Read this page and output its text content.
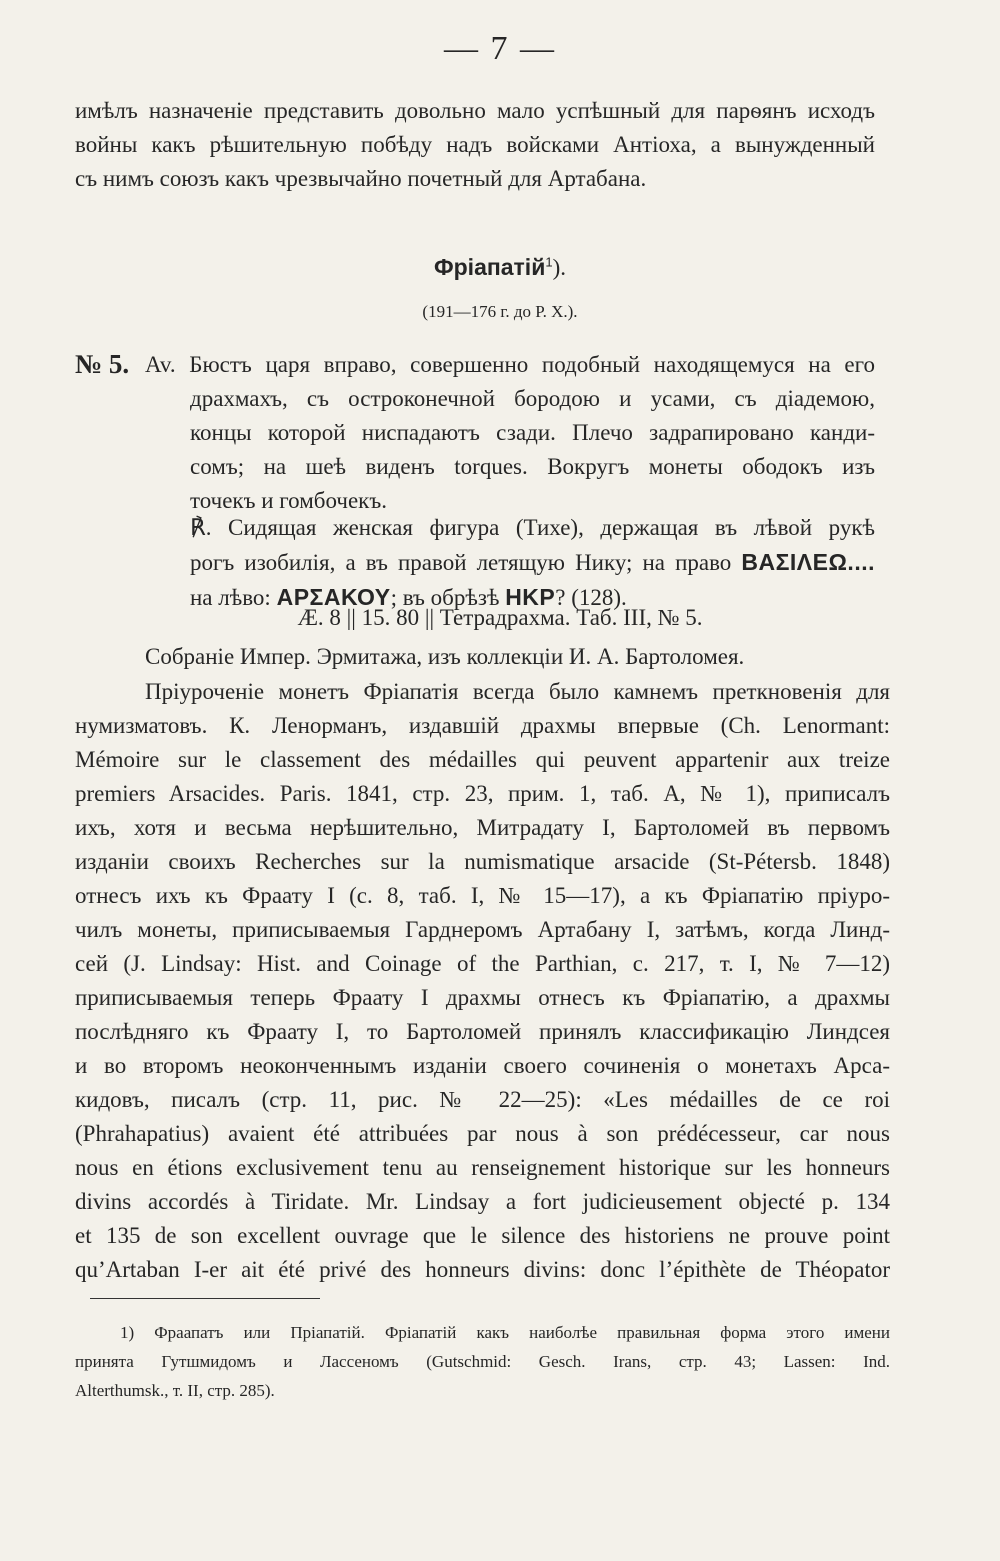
— 7 —

имѣлъ назначеніе представить довольно мало успѣшный для парѳянъ исходъ

войны какъ рѣшительную побѣду надъ войсками Антіоха, а вынужденный

съ нимъ союзъ какъ чрезвычайно почетный для Артабана.

Фріапатій$^1$).
(191—176 г. до Р. Х.).
№ 5. Av. Бюстъ царя вправо, совершенно подобный находящемуся на его

драхмахъ, съ остроконечной бородою и усами, съ діадемою,

концы которой ниспадаютъ сзади. Плечо задрапировано канди-

сомъ; на шеѣ виденъ torques. Вокругъ монеты ободокъ изъ

точекъ и гомбочекъ.

℟. Сидящая женская фигура (Тихе), держащая въ лѣвой рукѣ

рогъ изобилія, а въ правой летящую Нику; на право ΒΑΣΙΛΕΩ....

на лѣво: ΑΡΣΑΚΟΥ; въ обрѣзѣ ΗΚΡ? (128).

Æ. 8 || 15. 80 || Тетрадрахма. Таб. III, № 5.

Собраніе Импер. Эрмитажа, изъ коллекціи И. А. Бартоломея.

Пріуроченіе монетъ Фріапатія всегда было камнемъ преткновенія для

нумизматовъ. К. Ленорманъ, издавшій драхмы впервые (Ch. Lenormant:

Mémoire sur le classement des médailles qui peuvent appartenir aux treize

premiers Arsacides. Paris. 1841, стр. 23, прим. 1, таб. A, № 1), приписалъ

ихъ, хотя и весьма нерѣшительно, Митрадату I, Бартоломей въ первомъ

изданіи своихъ Recherches sur la numismatique arsacide (St-Pétersb. 1848)

отнесъ ихъ къ Фраату I (с. 8, таб. I, № 15—17), а къ Фріапатію пріуро-

чилъ монеты, приписываемыя Гарднеромъ Артабану I, затѣмъ, когда Линд-

сей (J. Lindsay: Hist. and Coinage of the Parthian, c. 217, т. I, № 7—12)

приписываемыя теперь Фраату I драхмы отнесъ къ Фріапатію, а драхмы

послѣдняго къ Фраату I, то Бартоломей принялъ классификацію Линдсея

и во второмъ неоконченнымъ изданіи своего сочиненія о монетахъ Арса-

кидовъ, писалъ (стр. 11, рис. № 22—25): «Les médailles de ce roi

(Phrahapatius) avaient été attribuées par nous à son prédécesseur, car nous

nous en étions exclusivement tenu au renseignement historique sur les honneurs

divins accordés à Tiridate. Mr. Lindsay a fort judicieusement objecté p. 134

et 135 de son excellent ouvrage que le silence des historiens ne prouve point

qu’Artaban I-er ait été privé des honneurs divins: donc l’épithète de Théopator

1) Фраапатъ или Пріапатій. Фріапатій какъ наиболѣе правильная форма этого имени

принята Гутшмидомъ и Лассеномъ (Gutschmid: Gesch. Irans, стр. 43; Lassen: Ind.

Alterthumsk., т. II, стр. 285).
